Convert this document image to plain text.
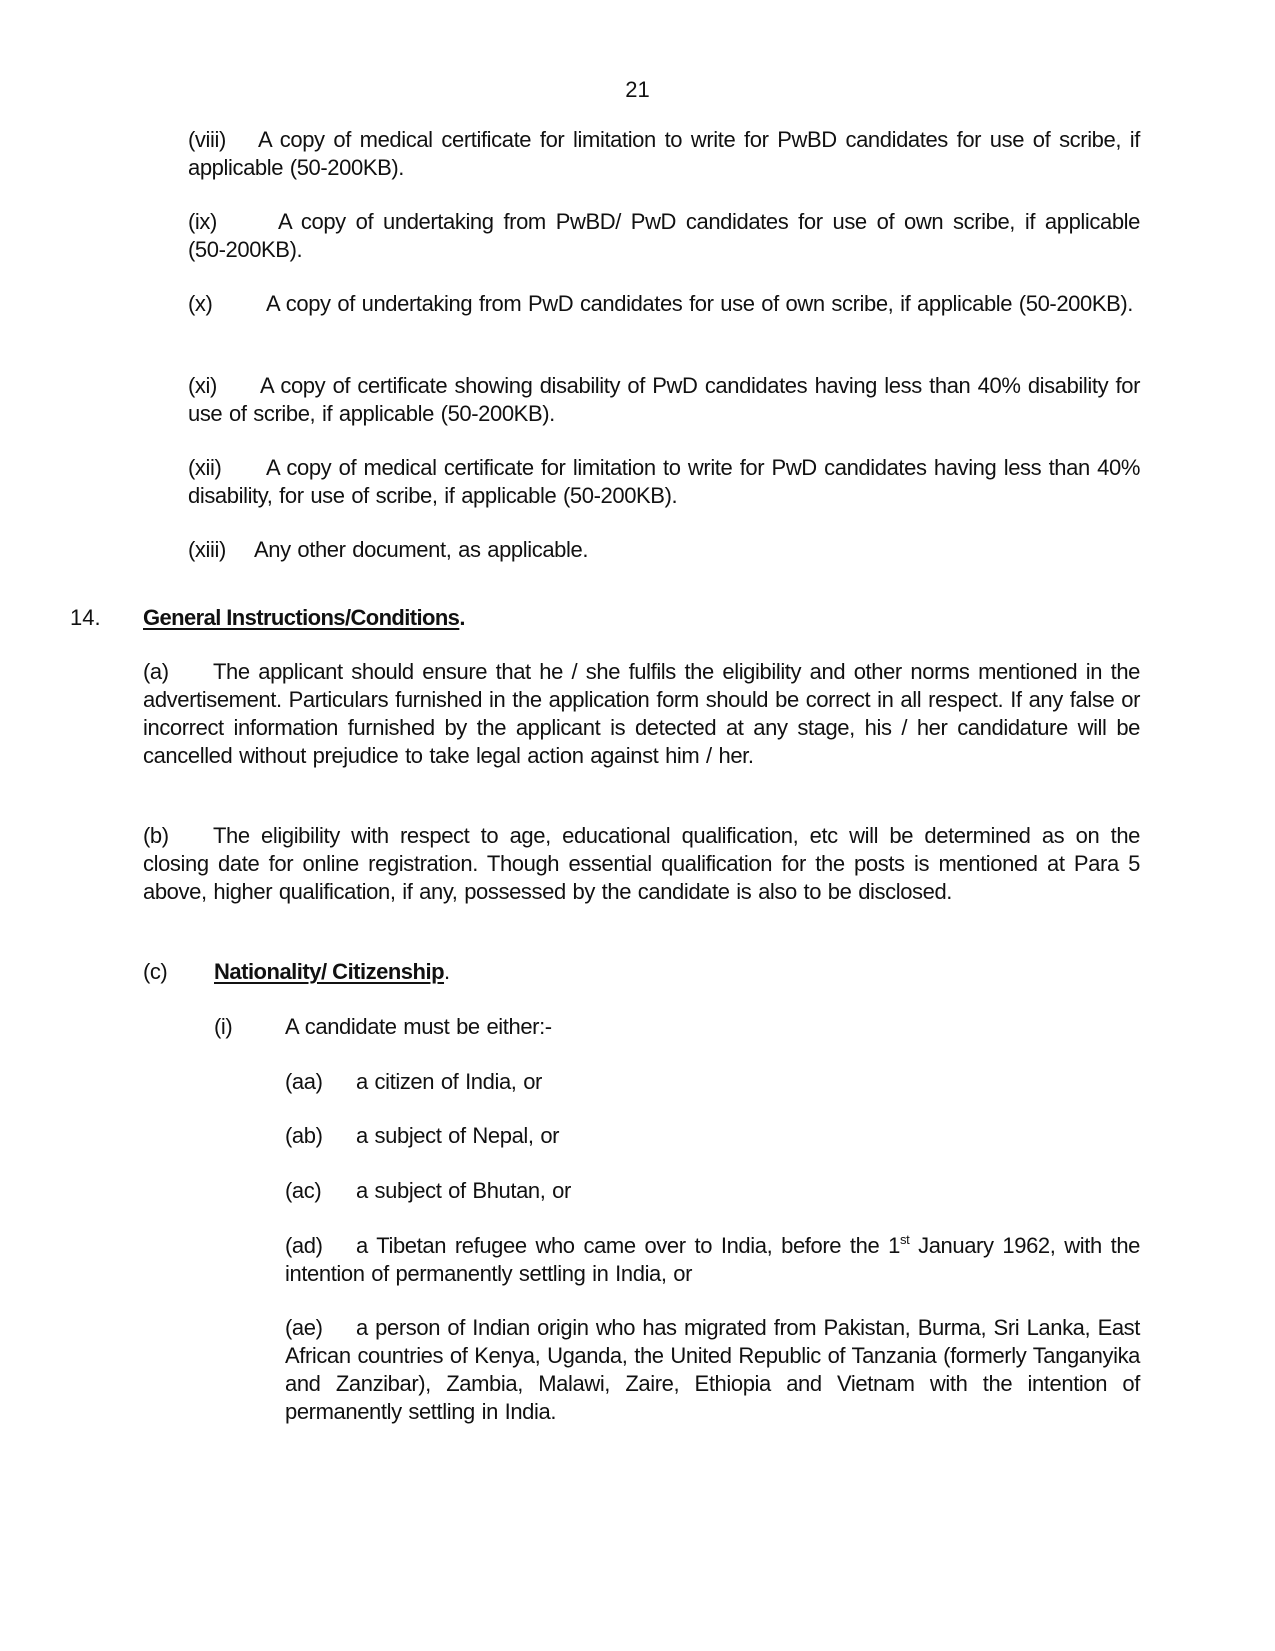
21
(viii) A copy of medical certificate for limitation to write for PwBD candidates for use of scribe, if applicable (50-200KB).
(ix)	A copy of undertaking from PwBD/ PwD candidates for use of own scribe, if applicable (50-200KB).
(x) A copy of undertaking from PwD candidates for use of own scribe, if applicable (50-200KB).
(xi) A copy of certificate showing disability of PwD candidates having less than 40% disability for use of scribe, if applicable (50-200KB).
(xii) A copy of medical certificate for limitation to write for PwD candidates having less than 40% disability, for use of scribe, if applicable (50-200KB).
(xiii) Any other document, as applicable.
14. General Instructions/Conditions.
(a) The applicant should ensure that he / she fulfils the eligibility and other norms mentioned in the advertisement. Particulars furnished in the application form should be correct in all respect. If any false or incorrect information furnished by the applicant is detected at any stage, his / her candidature will be cancelled without prejudice to take legal action against him / her.
(b) The eligibility with respect to age, educational qualification, etc will be determined as on the closing date for online registration. Though essential qualification for the posts is mentioned at Para 5 above, higher qualification, if any, possessed by the candidate is also to be disclosed.
(c) Nationality/ Citizenship.
(i) A candidate must be either:-
(aa) a citizen of India, or
(ab) a subject of Nepal, or
(ac) a subject of Bhutan, or
(ad) a Tibetan refugee who came over to India, before the 1st January 1962, with the intention of permanently settling in India, or
(ae) a person of Indian origin who has migrated from Pakistan, Burma, Sri Lanka, East African countries of Kenya, Uganda, the United Republic of Tanzania (formerly Tanganyika and Zanzibar), Zambia, Malawi, Zaire, Ethiopia and Vietnam with the intention of permanently settling in India.
